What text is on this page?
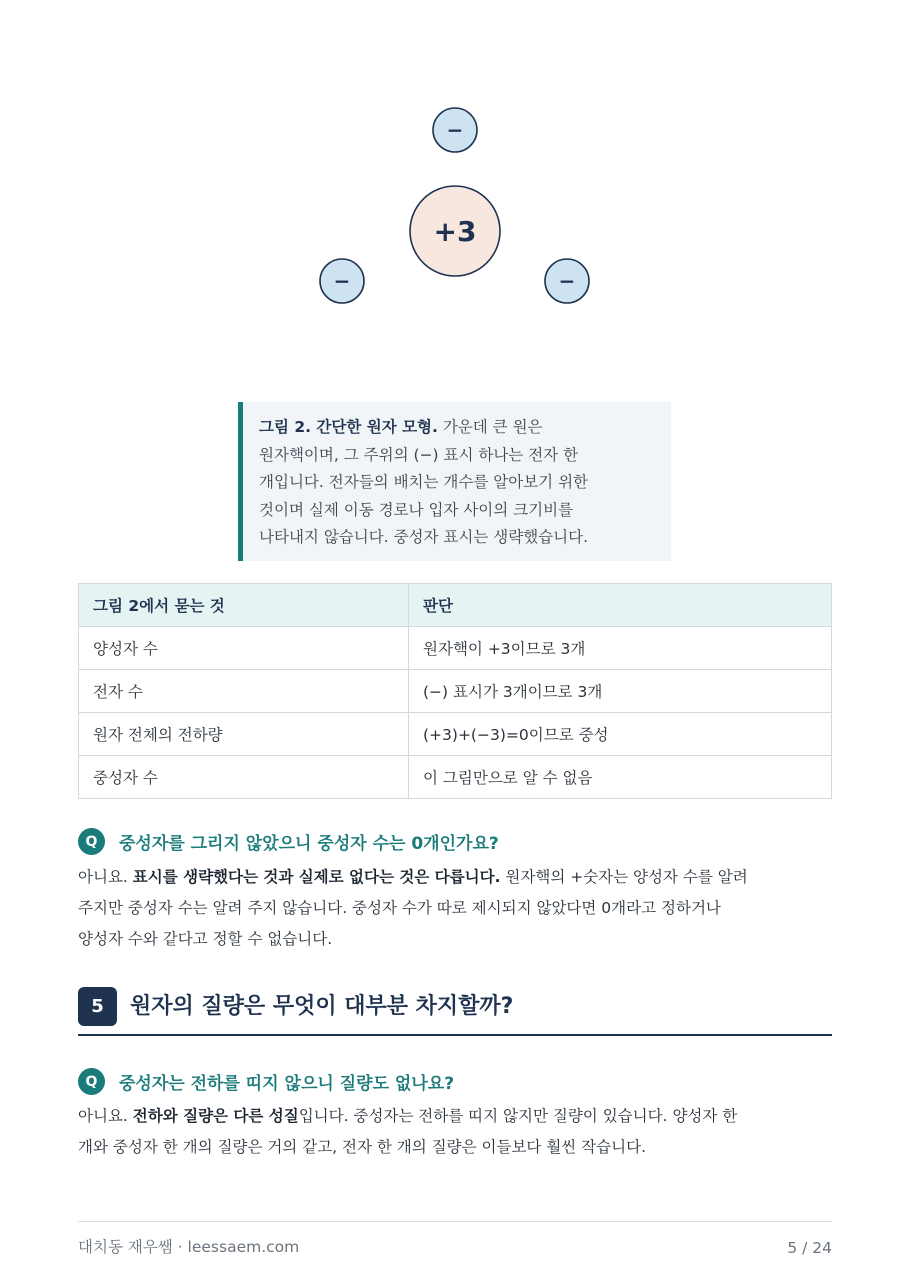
−
+3
−	−
그림 2. 간단한 원자 모형. 가운데 큰 원은
원자핵이며, 그 주위의 (−) 표시 하나는 전자 한
개입니다. 전자들의 배치는 개수를 알아보기 위한
것이며 실제 이동 경로나 입자 사이의 크기비를
나타내지 않습니다. 중성자 표시는 생략했습니다.
그림 2에서 묻는 것	판단
양성자 수	원자핵이 +3이므로 3개
전자 수	(−) 표시가 3개이므로 3개
원자 전체의 전하량	(+3)+(−3)=0이므로 중성
중성자 수	이 그림만으로 알 수 없음
Q	중성자를 그리지 않았으니 중성자 수는 0개인가요?
아니요. 표시를 생략했다는 것과 실제로 없다는 것은 다릅니다. 원자핵의 +숫자는 양성자 수를 알려
주지만 중성자 수는 알려 주지 않습니다. 중성자 수가 따로 제시되지 않았다면 0개라고 정하거나
양성자 수와 같다고 정할 수 없습니다.
5	원자의 질량은 무엇이 대부분 차지할까?
Q	중성자는 전하를 띠지 않으니 질량도 없나요?
아니요. 전하와 질량은 다른 성질입니다. 중성자는 전하를 띠지 않지만 질량이 있습니다. 양성자 한
개와 중성자 한 개의 질량은 거의 같고, 전자 한 개의 질량은 이들보다 훨씬 작습니다.
대치동 재우쌤 · leessaem.com	5 / 24
